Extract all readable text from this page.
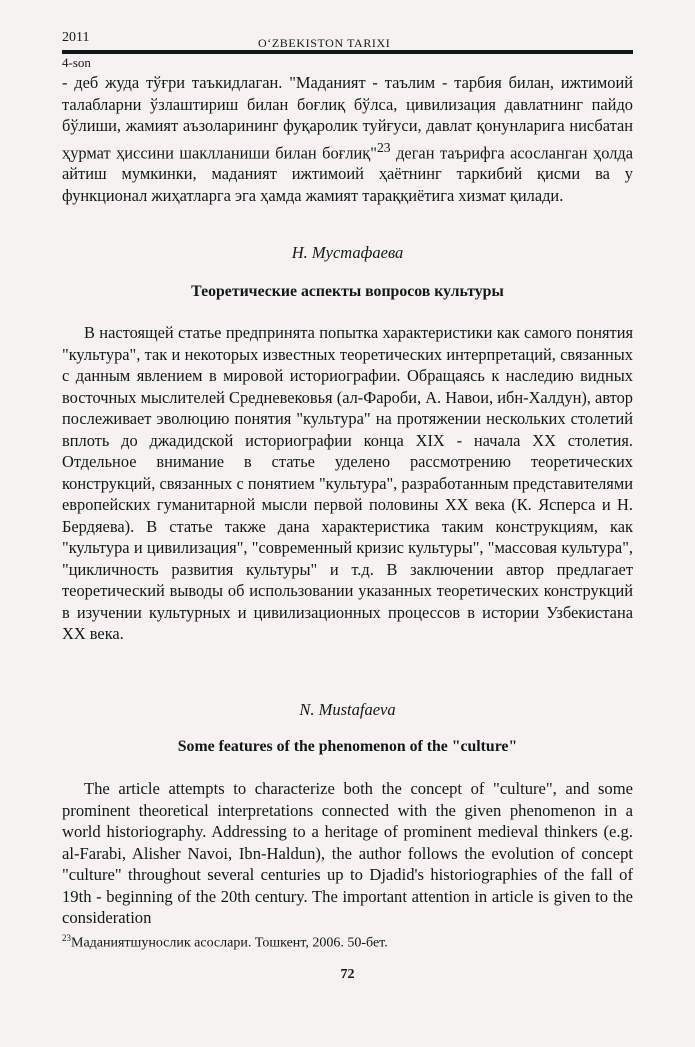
2011	O‘ZBEKISTON TARIXI
4-son

- деб жуда тўғри таъкидлаган. "Маданият - таълим - тарбия билан, ижтимоий талабларни ўзлаштириш билан боғлиқ бўлса, цивилизация давлатнинг пайдо бўлиши, жамият аъзоларининг фуқаролик туйғуси, давлат қонунларига нисбатан ҳурмат ҳиссини шаклланиши билан боғлиқ"$^{23}$ деган таърифга асосланган ҳолда айтиш мумкинки, маданият ижтимоий ҳаётнинг таркибий қисми ва у функционал жиҳатларга эга ҳамда жамият тараққиётига хизмат қилади.

Н. Мустафаева
Теоретические аспекты вопросов культуры

В настоящей статье предпринята попытка характеристики как самого понятия "культура", так и некоторых известных теоретических интерпретаций, связанных с данным явлением в мировой историографии. Обращаясь к наследию видных восточных мыслителей Средневековья (ал-Фароби, А. Навои, ибн-Халдун), автор послеживает эволюцию понятия "культура" на протяжении нескольких столетий вплоть до джадидской историографии конца XIX - начала XX столетия. Отдельное внимание в статье уделено рассмотрению теоретических конструкций, связанных с понятием "культура", разработанным представителями европейских гуманитарной мысли первой половины XX века (К. Ясперса и Н. Бердяева). В статье также дана характеристика таким конструкциям, как "культура и цивилизация", "современный кризис культуры", "массовая культура", "цикличность развития культуры" и т.д. В заключении автор предлагает теоретический выводы об использовании указанных теоретических конструкций в изучении культурных и цивилизационных процессов в истории Узбекистана XX века.

N. Mustafaeva
Some features of the phenomenon of the "culture"

The article attempts to characterize both the concept of "culture", and some prominent theoretical interpretations connected with the given phenomenon in a world historiography. Addressing to a heritage of prominent medieval thinkers (e.g. al-Farabi, Alisher Navoi, Ibn-Haldun), the author follows the evolution of concept "culture" throughout several centuries up to Djadid's historiographies of the fall of 19th - beginning of the 20th century. The important attention in article is given to the consideration

$^{23}$Маданиятшунослик асослари. Тошкент, 2006. 50-бет.
72
